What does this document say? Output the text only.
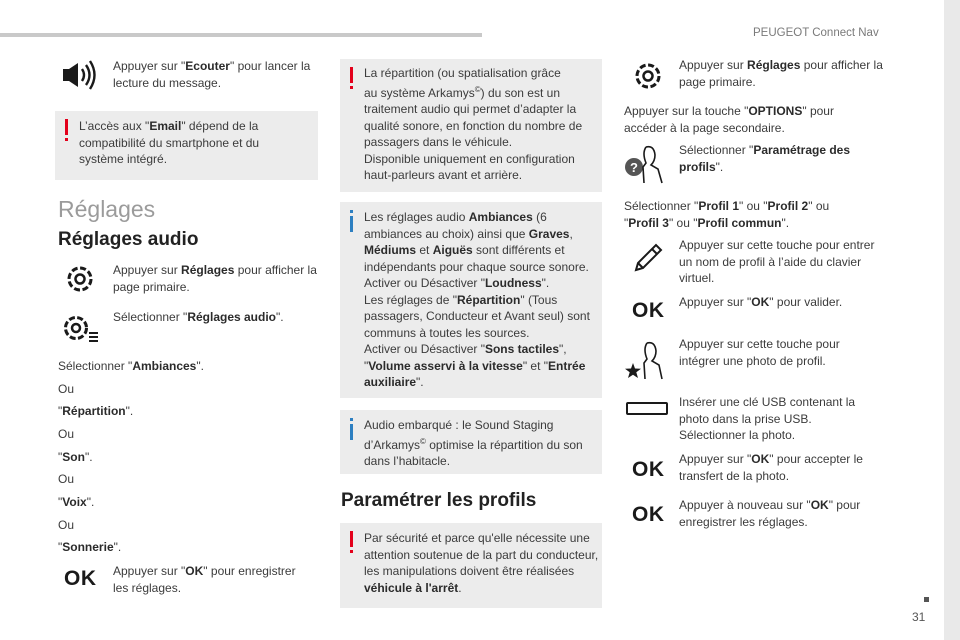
PEUGEOT Connect Nav
31
Appuyer sur "Ecouter" pour lancer la lecture du message.
L’accès aux "Email" dépend de la compatibilité du smartphone et du système intégré.
Réglages
Réglages audio
Appuyer sur Réglages pour afficher la page primaire.
Sélectionner "Réglages audio".
Sélectionner "Ambiances".
Ou
"Répartition".
Ou
"Son".
Ou
"Voix".
Ou
"Sonnerie".
OK Appuyer sur "OK" pour enregistrer les réglages.
La répartition (ou spatialisation grâce
au système Arkamys©) du son est un
traitement audio qui permet d’adapter la
qualité sonore, en fonction du nombre de
passagers dans le véhicule.
Disponible uniquement en configuration
haut-parleurs avant et arrière.
Les réglages audio Ambiances (6 ambiances au choix) ainsi que Graves, Médiums et Aiguës sont différents et indépendants pour chaque source sonore.
Activer ou Désactiver "Loudness".
Les réglages de "Répartition" (Tous passagers, Conducteur et Avant seul) sont communs à toutes les sources.
Activer ou Désactiver "Sons tactiles", "Volume asservi à la vitesse" et "Entrée auxiliaire".
Audio embarqué : le Sound Staging d’Arkamys© optimise la répartition du son dans l’habitacle.
Paramétrer les profils
Par sécurité et parce qu'elle nécessite une attention soutenue de la part du conducteur, les manipulations doivent être réalisées véhicule à l'arrêt.
Appuyer sur Réglages pour afficher la page primaire.
Appuyer sur la touche "OPTIONS" pour accéder à la page secondaire.
?
Sélectionner "Paramétrage des profils".
Sélectionner "Profil 1" ou "Profil 2" ou "Profil 3" ou "Profil commun".
Appuyer sur cette touche pour entrer un nom de profil à l’aide du clavier virtuel.
OK Appuyer sur "OK" pour valider.
Appuyer sur cette touche pour intégrer une photo de profil.
Insérer une clé USB contenant la photo dans la prise USB. Sélectionner la photo.
OK Appuyer sur "OK" pour accepter le transfert de la photo.
OK Appuyer à nouveau sur "OK" pour enregistrer les réglages.
